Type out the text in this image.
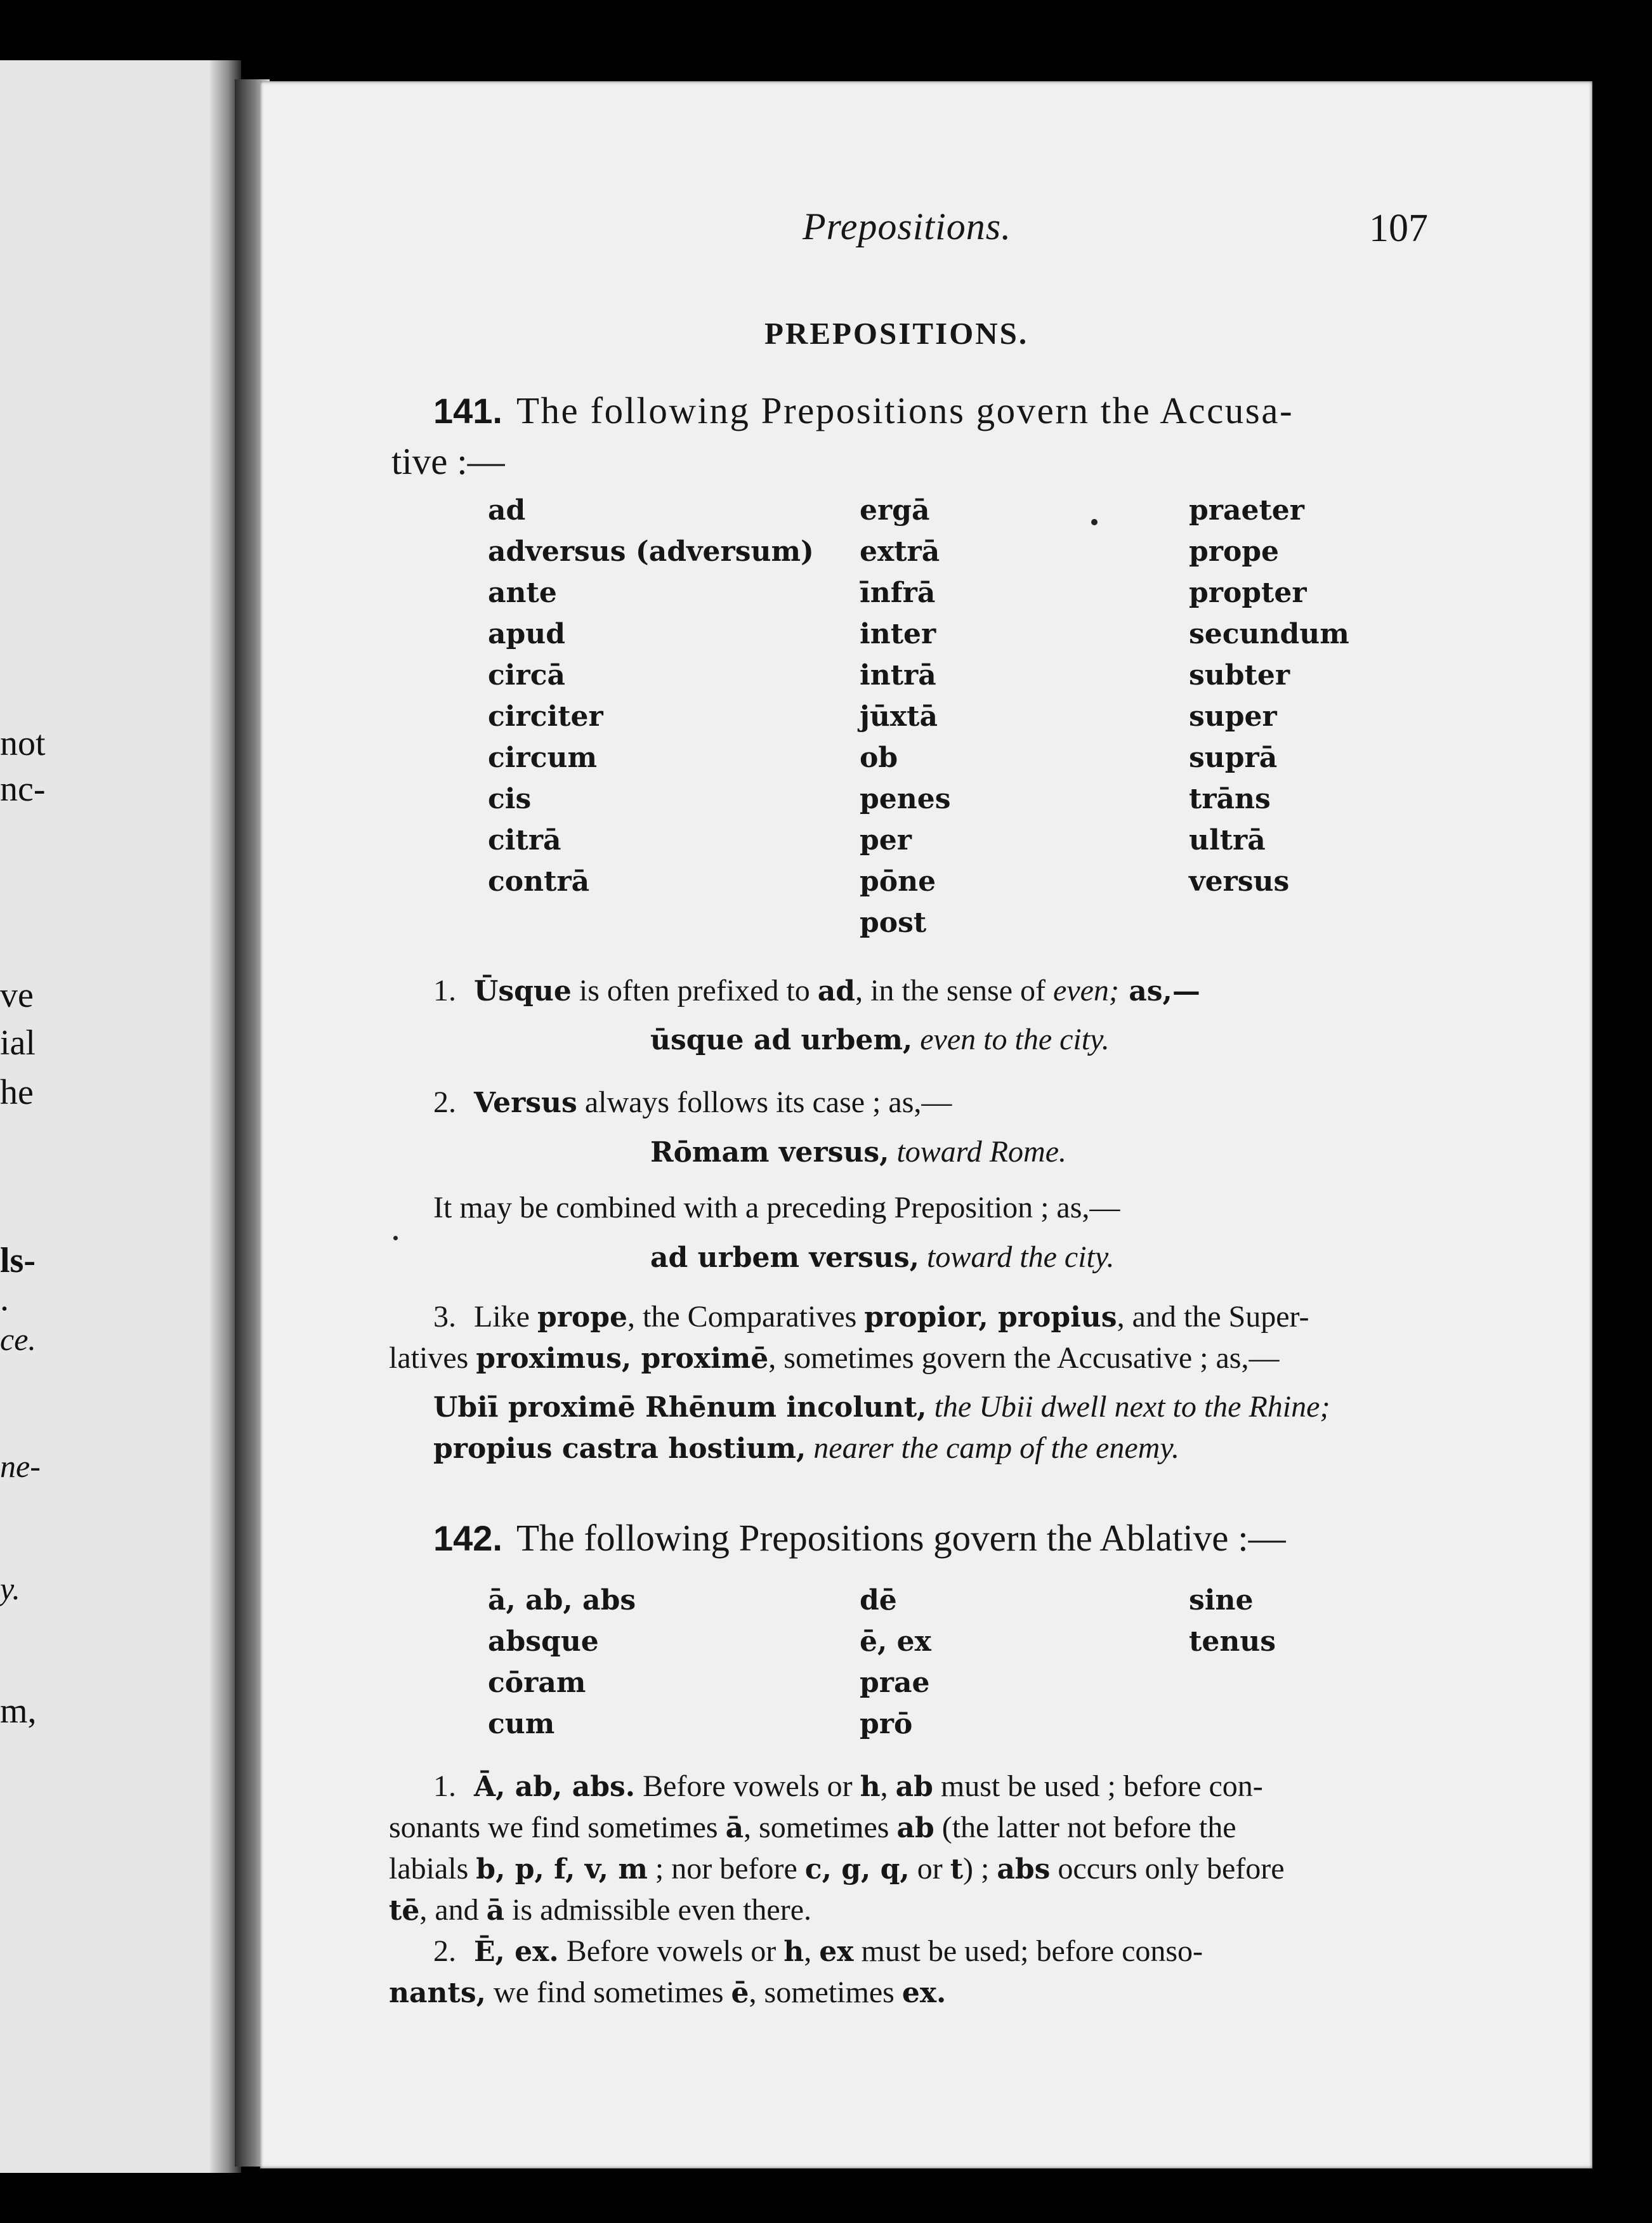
not
nc-
ve
ial
he
ls-
.
ce.
ne-
y.
m,
Prepositions.	107
PREPOSITIONS.
141. The following Prepositions govern the Accusa-
tive :—
ad
adversus (adversum)
ante
apud
circā
circiter
circum
cis
citrā
contrā
ergā
extrā
īnfrā
inter
intrā
jūxtā
ob
penes
per
pōne
post
praeter
prope
propter
secundum
subter
super
suprā
trāns
ultrā
versus
1. Ūsque is often prefixed to ad, in the sense of even; as,—
ūsque ad urbem, even to the city.
2. Versus always follows its case ; as,—
Rōmam versus, toward Rome.
It may be combined with a preceding Preposition ; as,—
ad urbem versus, toward the city.
3. Like prope, the Comparatives propior, propius, and the Super-
latives proximus, proximē, sometimes govern the Accusative ; as,—
Ubiī proximē Rhēnum incolunt, the Ubii dwell next to the Rhine;
propius castra hostium, nearer the camp of the enemy.
142. The following Prepositions govern the Ablative :—
ā, ab, abs
absque
cōram
cum
dē
ē, ex
prae
prō
sine
tenus
1. Ā, ab, abs. Before vowels or h, ab must be used ; before con-
sonants we find sometimes ā, sometimes ab (the latter not before the
labials b, p, f, v, m ; nor before c, g, q, or t) ; abs occurs only before
tē, and ā is admissible even there.
2. Ē, ex. Before vowels or h, ex must be used; before conso-
nants, we find sometimes ē, sometimes ex.
